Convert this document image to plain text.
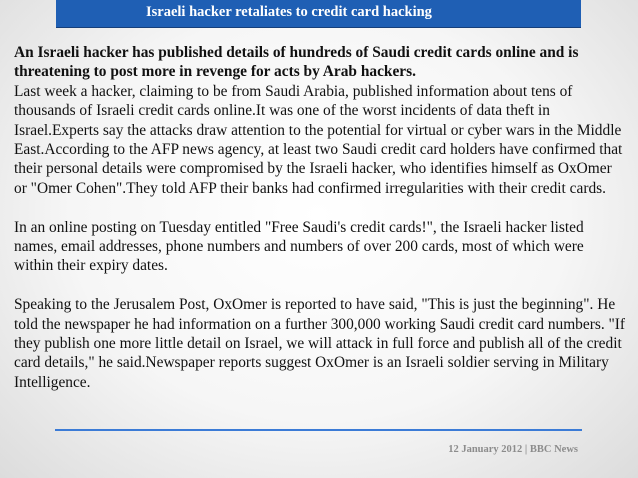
Israeli hacker retaliates to credit card hacking

An Israeli hacker has published details of hundreds of Saudi credit cards online and is threatening to post more in revenge for acts by Arab hackers.

Last week a hacker, claiming to be from Saudi Arabia, published information about tens of thousands of Israeli credit cards online.It was one of the worst incidents of data theft in Israel.Experts say the attacks draw attention to the potential for virtual or cyber wars in the Middle East.According to the AFP news agency, at least two Saudi credit card holders have confirmed that their personal details were compromised by the Israeli hacker, who identifies himself as OxOmer or "Omer Cohen".They told AFP their banks had confirmed irregularities with their credit cards.

In an online posting on Tuesday entitled "Free Saudi's credit cards!", the Israeli hacker listed names, email addresses, phone numbers and numbers of over 200 cards, most of which were within their expiry dates.

Speaking to the Jerusalem Post, OxOmer is reported to have said, "This is just the beginning". He told the newspaper he had information on a further 300,000 working Saudi credit card numbers. "If they publish one more little detail on Israel, we will attack in full force and publish all of the credit card details," he said.Newspaper reports suggest OxOmer is an Israeli soldier serving in Military Intelligence.

12 January 2012 | BBC News
